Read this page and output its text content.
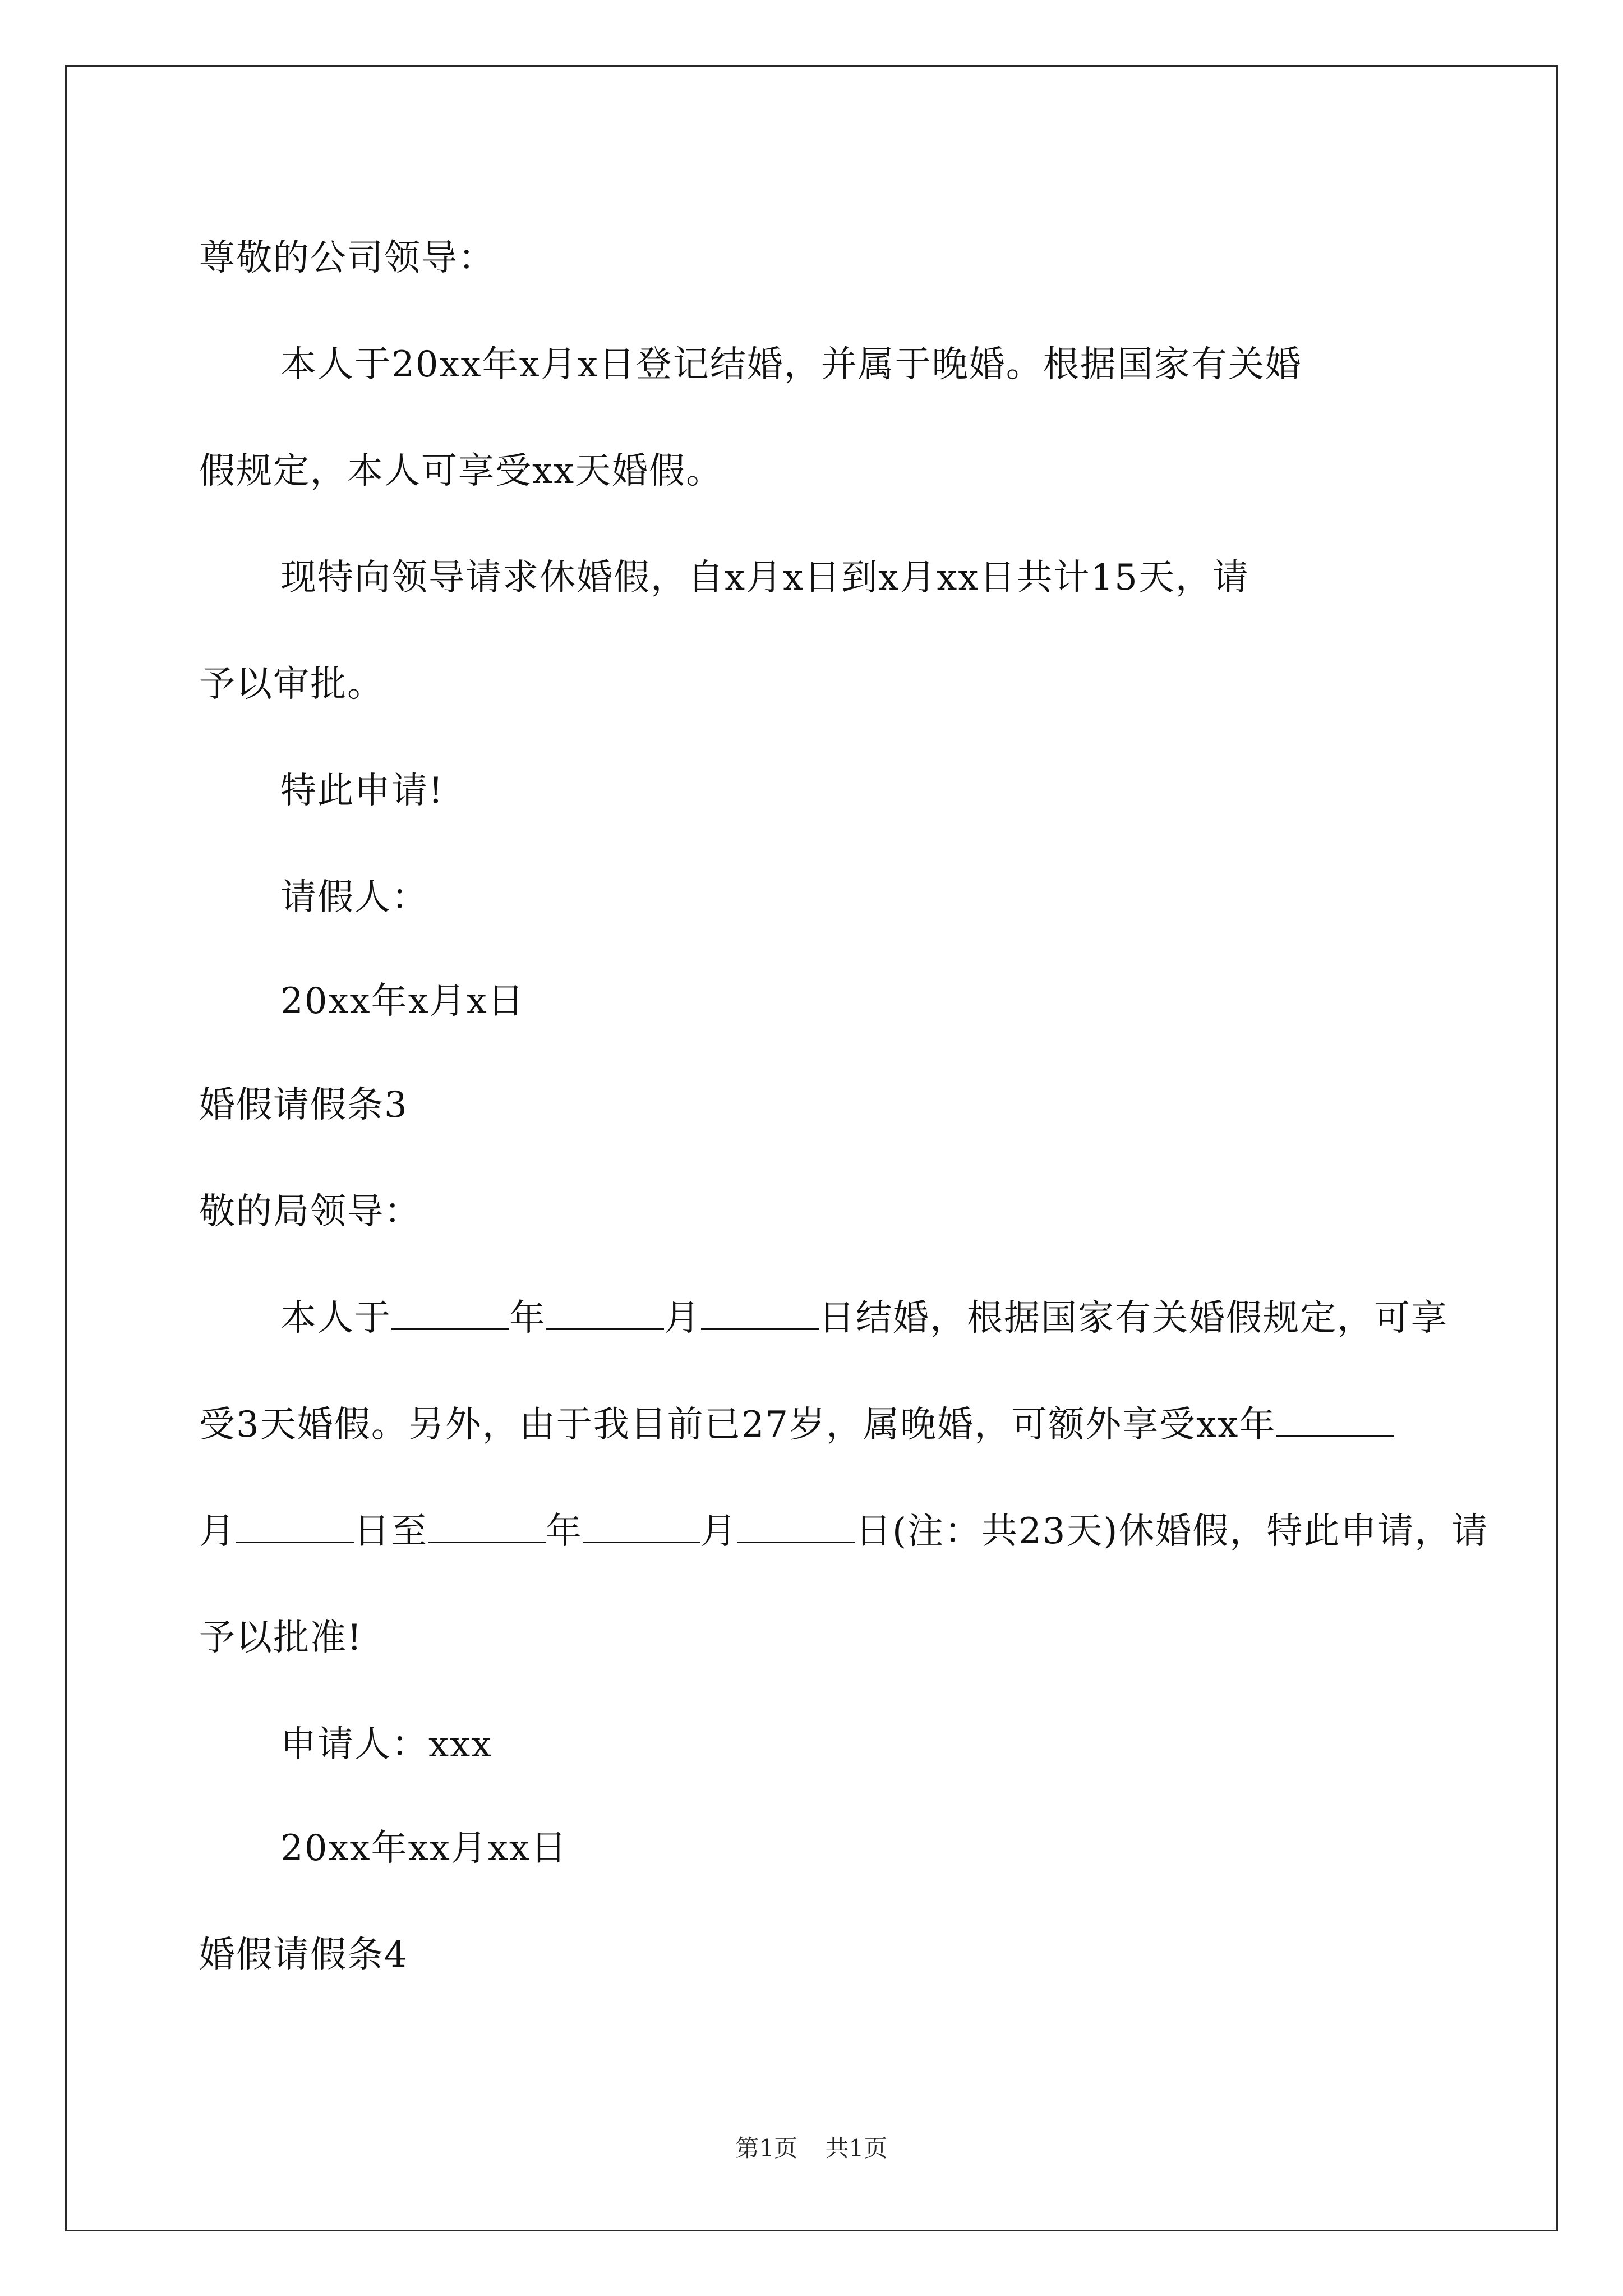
尊敬的公司领导：
本人于20xx年x月x日登记结婚，并属于晚婚。根据国家有关婚
假规定，本人可享受xx天婚假。
现特向领导请求休婚假，自x月x日到x月xx日共计15天，请
予以审批。
特此申请!
请假人：
20xx年x月x日
婚假请假条3
敬的局领导：
本人于	年	月	日结婚，根据国家有关婚假规定，可享
受3天婚假。另外，由于我目前已27岁，属晚婚，可额外享受xx年
月	日至	年	月	日(注：共23天)休婚假，特此申请，请
予以批准!
申请人：xxx
20xx年xx月xx日
婚假请假条4
第1页 共1页
